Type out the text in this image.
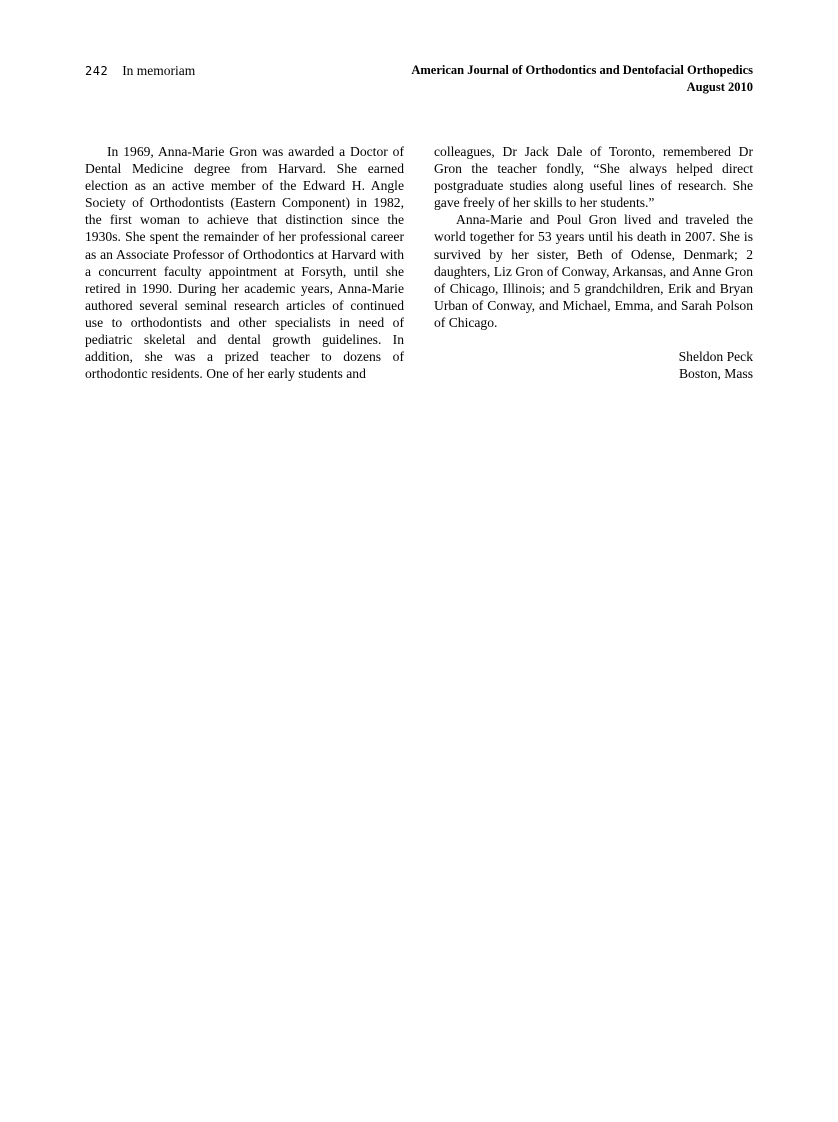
242 In memoriam	American Journal of Orthodontics and Dentofacial Orthopedics
August 2010

In 1969, Anna-Marie Gron was awarded a Doctor of Dental Medicine degree from Harvard. She earned election as an active member of the Edward H. Angle Society of Orthodontists (Eastern Component) in 1982, the first woman to achieve that distinction since the 1930s. She spent the remainder of her professional career as an Associate Professor of Orthodontics at Harvard with a concurrent faculty appointment at Forsyth, until she retired in 1990. During her academic years, Anna-Marie authored several seminal research articles of continued use to orthodontists and other specialists in need of pediatric skeletal and dental growth guidelines. In addition, she was a prized teacher to dozens of orthodontic residents. One of her early students and

colleagues, Dr Jack Dale of Toronto, remembered Dr Gron the teacher fondly, “She always helped direct postgraduate studies along useful lines of research. She gave freely of her skills to her students.”

Anna-Marie and Poul Gron lived and traveled the world together for 53 years until his death in 2007. She is survived by her sister, Beth of Odense, Denmark; 2 daughters, Liz Gron of Conway, Arkansas, and Anne Gron of Chicago, Illinois; and 5 grandchildren, Erik and Bryan Urban of Conway, and Michael, Emma, and Sarah Polson of Chicago.

Sheldon Peck
Boston, Mass
